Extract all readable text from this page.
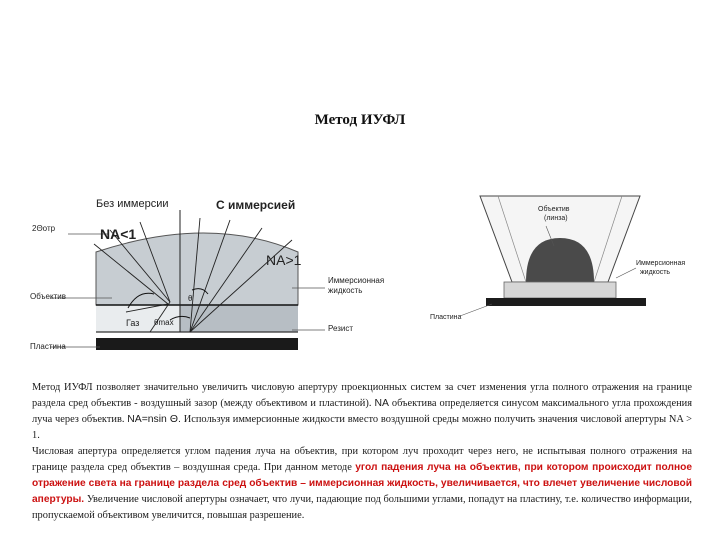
Метод ИУФЛ
Без иммерсии	С иммерсией
2Θотр	NA<1
NA>1
Объектив
Иммерсионная
жидкость
Газ θmax
θ'
Резист
Пластина
Объектив
(линза)
Иммерсионная
жидкость
Пластина

Метод ИУФЛ позволяет значительно увеличить числовую апертуру проекционных систем за счет изменения угла полного отражения на границе раздела сред объектив - воздушный зазор (между объективом и пластиной). NA объектива определяется синусом максимального угла прохождения луча через объектив. NA=nsin Θ. Используя иммерсионные жидкости вместо воздушной среды можно получить значения числовой апертуры NA > 1.

Числовая апертура определяется углом падения луча на объектив, при котором луч проходит через него, не испытывая полного отражения на границе раздела сред объектив – воздушная среда. При данном методе угол падения луча на объектив, при котором происходит полное отражение света на границе раздела сред объектив – иммерсионная жидкость, увеличивается, что влечет увеличение числовой апертуры. Увеличение числовой апертуры означает, что лучи, падающие под большими углами, попадут на пластину, т.е. количество информации, пропускаемой объективом увеличится, повышая разрешение.
